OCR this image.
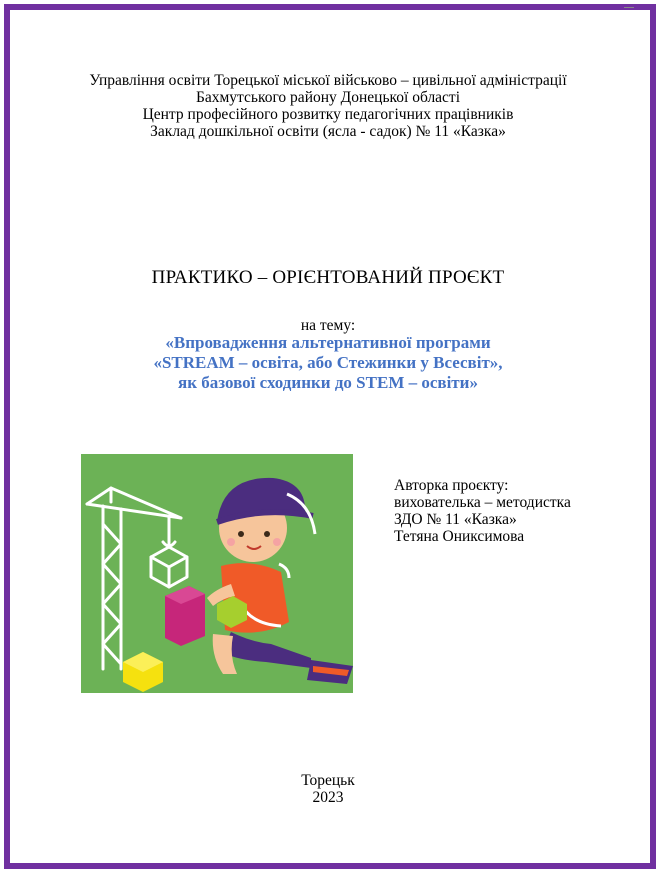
Управління освіти Торецької міської військово – цивільної адміністрації
Бахмутського району Донецької області
Центр професійного розвитку педагогічних працівників
Заклад дошкільної освіти (ясла - садок) № 11 «Казка»
ПРАКТИКО – ОРІЄНТОВАНИЙ ПРОЄКТ
на тему:
«Впровадження альтернативної програми
«STREAM – освіта, або Стежинки у Всесвіт»,
як базової сходинки до STEM – освіти»
Авторка проєкту:
вихователька – методистка
ЗДО № 11 «Казка»
Тетяна Ониксимова
Торецьк
2023
